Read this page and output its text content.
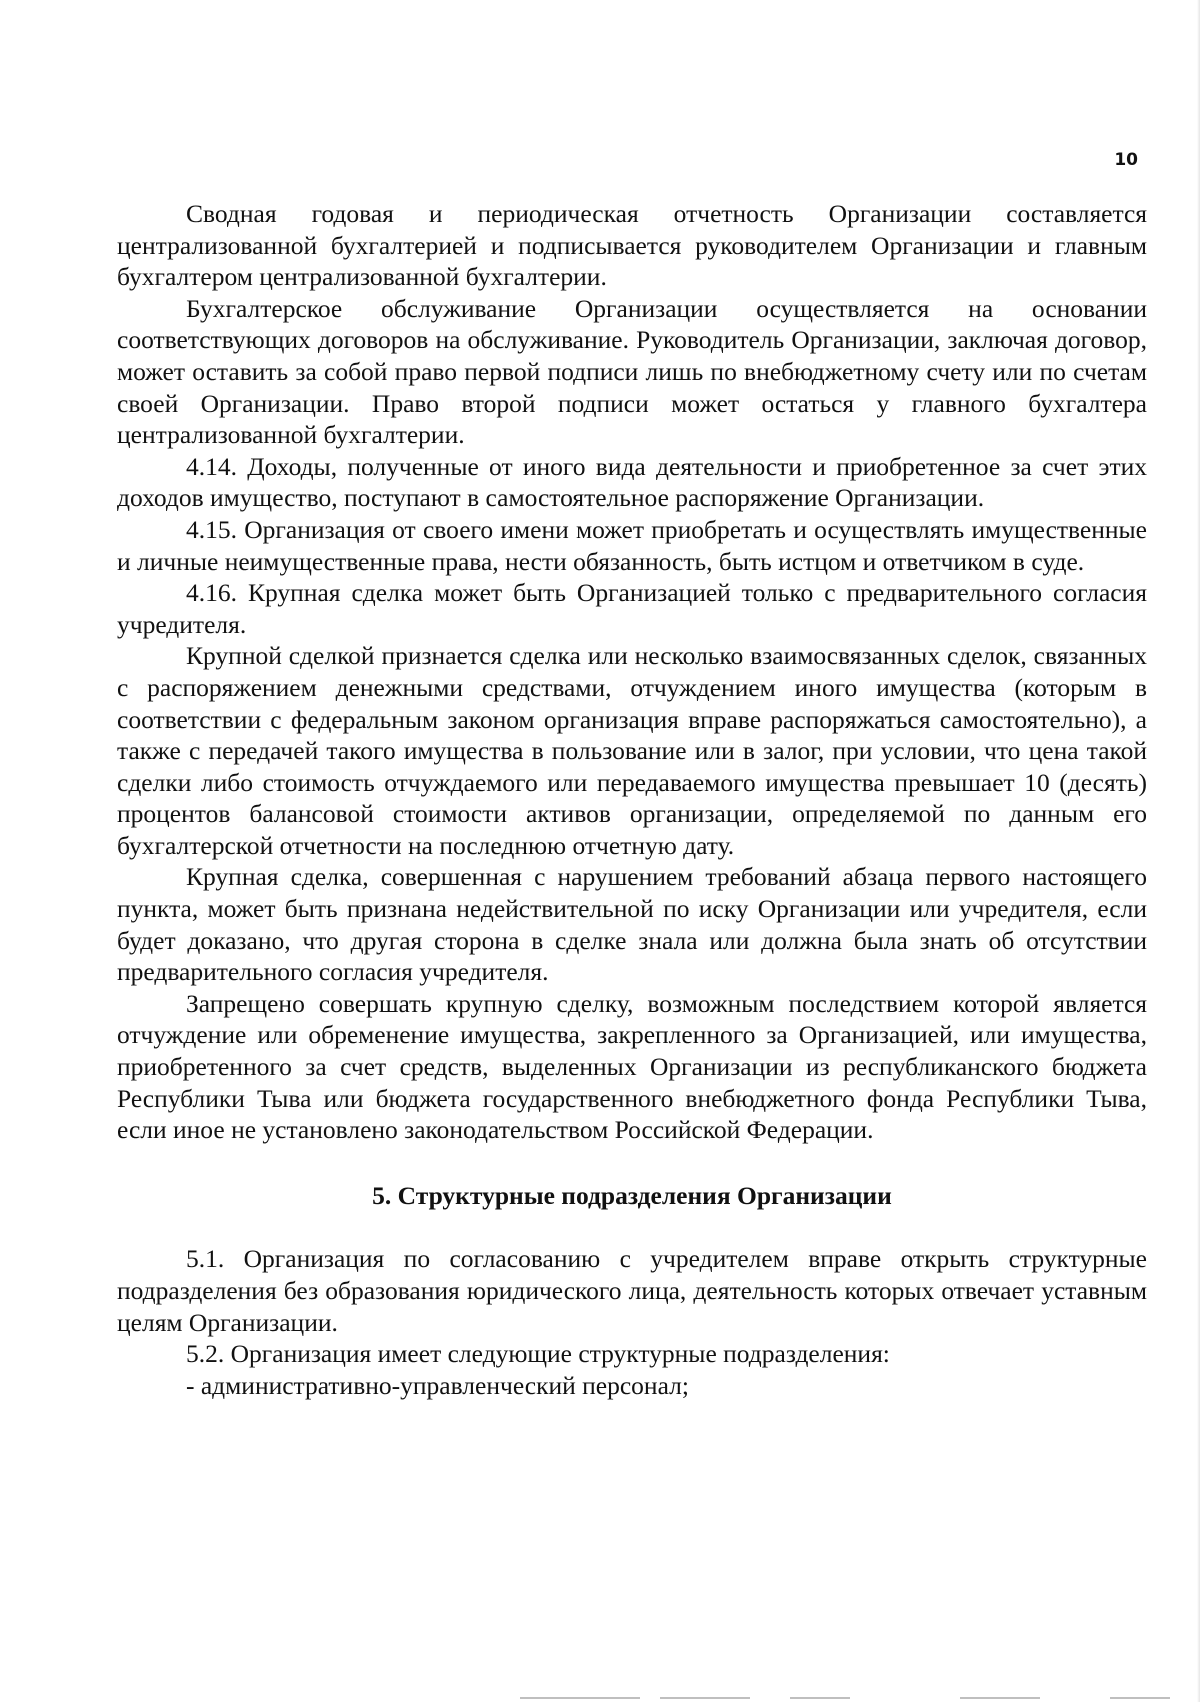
10

Сводная годовая и периодическая отчетность Организации составляется централизованной бухгалтерией и подписывается руководителем Организации и главным бухгалтером централизованной бухгалтерии.

Бухгалтерское обслуживание Организации осуществляется на основании соответствующих договоров на обслуживание. Руководитель Организации, заключая договор, может оставить за собой право первой подписи лишь по внебюджетному счету или по счетам своей Организации. Право второй подписи может остаться у главного бухгалтера централизованной бухгалтерии.

4.14. Доходы, полученные от иного вида деятельности и приобретенное за счет этих доходов имущество, поступают в самостоятельное распоряжение Организации.

4.15. Организация от своего имени может приобретать и осуществлять имущественные и личные неимущественные права, нести обязанность, быть истцом и ответчиком в суде.

4.16. Крупная сделка может быть Организацией только с предварительного согласия учредителя.

Крупной сделкой признается сделка или несколько взаимосвязанных сделок, связанных с распоряжением денежными средствами, отчуждением иного имущества (которым в соответствии с федеральным законом организация вправе распоряжаться самостоятельно), а также с передачей такого имущества в пользование или в залог, при условии, что цена такой сделки либо стоимость отчуждаемого или передаваемого имущества превышает 10 (десять) процентов балансовой стоимости активов организации, определяемой по данным его бухгалтерской отчетности на последнюю отчетную дату.

Крупная сделка, совершенная с нарушением требований абзаца первого настоящего пункта, может быть признана недействительной по иску Организации или учредителя, если будет доказано, что другая сторона в сделке знала или должна была знать об отсутствии предварительного согласия учредителя.

Запрещено совершать крупную сделку, возможным последствием которой является отчуждение или обременение имущества, закрепленного за Организацией, или имущества, приобретенного за счет средств, выделенных Организации из республиканского бюджета Республики Тыва или бюджета государственного внебюджетного фонда Республики Тыва, если иное не установлено законодательством Российской Федерации.

5. Структурные подразделения Организации

5.1. Организация по согласованию с учредителем вправе открыть структурные подразделения без образования юридического лица, деятельность которых отвечает уставным целям Организации.

5.2. Организация имеет следующие структурные подразделения:

- административно-управленческий персонал;
